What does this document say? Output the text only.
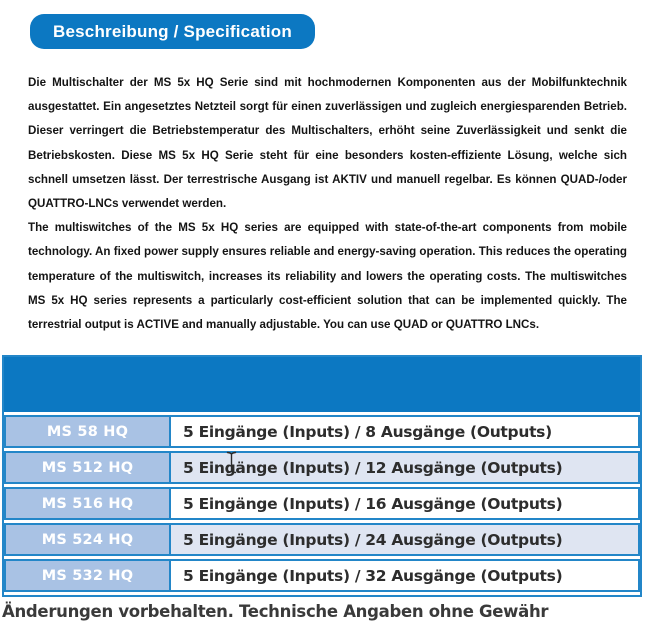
Beschreibung / Specification

Die Multischalter der MS 5x HQ Serie sind mit hochmodernen Komponenten aus der Mobilfunktechnik ausgestattet. Ein angesetztes Netzteil sorgt für einen zuverlässigen und zugleich energiesparenden Betrieb. Dieser verringert die Betriebstemperatur des Multischalters, erhöht seine Zuverlässigkeit und senkt die Betriebskosten. Diese MS 5x HQ Serie steht für eine besonders kosten-effiziente Lösung, welche sich schnell umsetzen lässt. Der terrestrische Ausgang ist AKTIV und manuell regelbar. Es können QUAD-/oder QUATTRO-LNCs verwendet werden.

The multiswitches of the MS 5x HQ series are equipped with state-of-the-art components from mobile technology. An fixed power supply ensures reliable and energy-saving operation. This reduces the operating temperature of the multiswitch, increases its reliability and lowers the operating costs. The multiswitches MS 5x HQ series represents a particularly cost-efficient solution that can be implemented quickly. The terrestrial output is ACTIVE and manually adjustable. You can use QUAD or QUATTRO LNCs.

MS 58 HQ	5 Eingänge (Inputs) / 8 Ausgänge (Outputs)
MS 512 HQ	5 Eingänge (Inputs) / 12 Ausgänge (Outputs)
MS 516 HQ	5 Eingänge (Inputs) / 16 Ausgänge (Outputs)
MS 524 HQ	5 Eingänge (Inputs) / 24 Ausgänge (Outputs)
MS 532 HQ	5 Eingänge (Inputs) / 32 Ausgänge (Outputs)
Änderungen vorbehalten. Technische Angaben ohne Gewähr
